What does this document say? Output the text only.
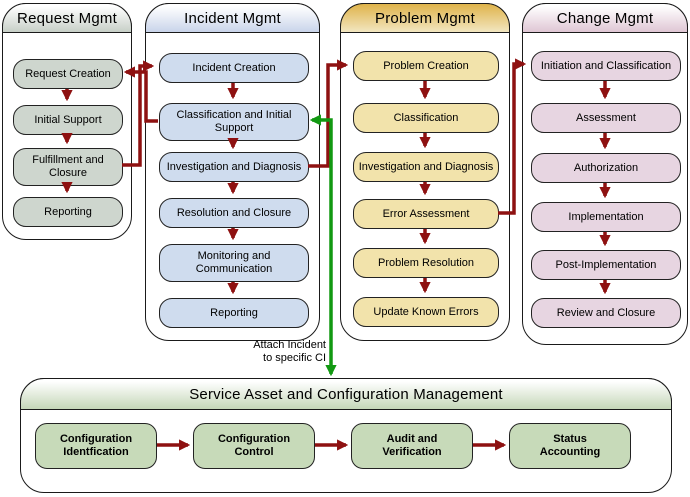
Request Mgmt
Request Creation
Initial Support
Fulfillment and Closure
Reporting
Incident Mgmt
Incident Creation
Classification and Initial Support
Investigation and Diagnosis
Resolution and Closure
Monitoring and Communication
Reporting
Problem Mgmt
Problem Creation
Classification
Investigation and Diagnosis
Error Assessment
Problem Resolution
Update Known Errors
Change Mgmt
Initiation and Classification
Assessment
Authorization
Implementation
Post-Implementation
Review and Closure
Service Asset and Configuration Management
Configuration Identfication
Configuration Control
Audit and Verification
Status Accounting
Attach Incident
to specific CI
